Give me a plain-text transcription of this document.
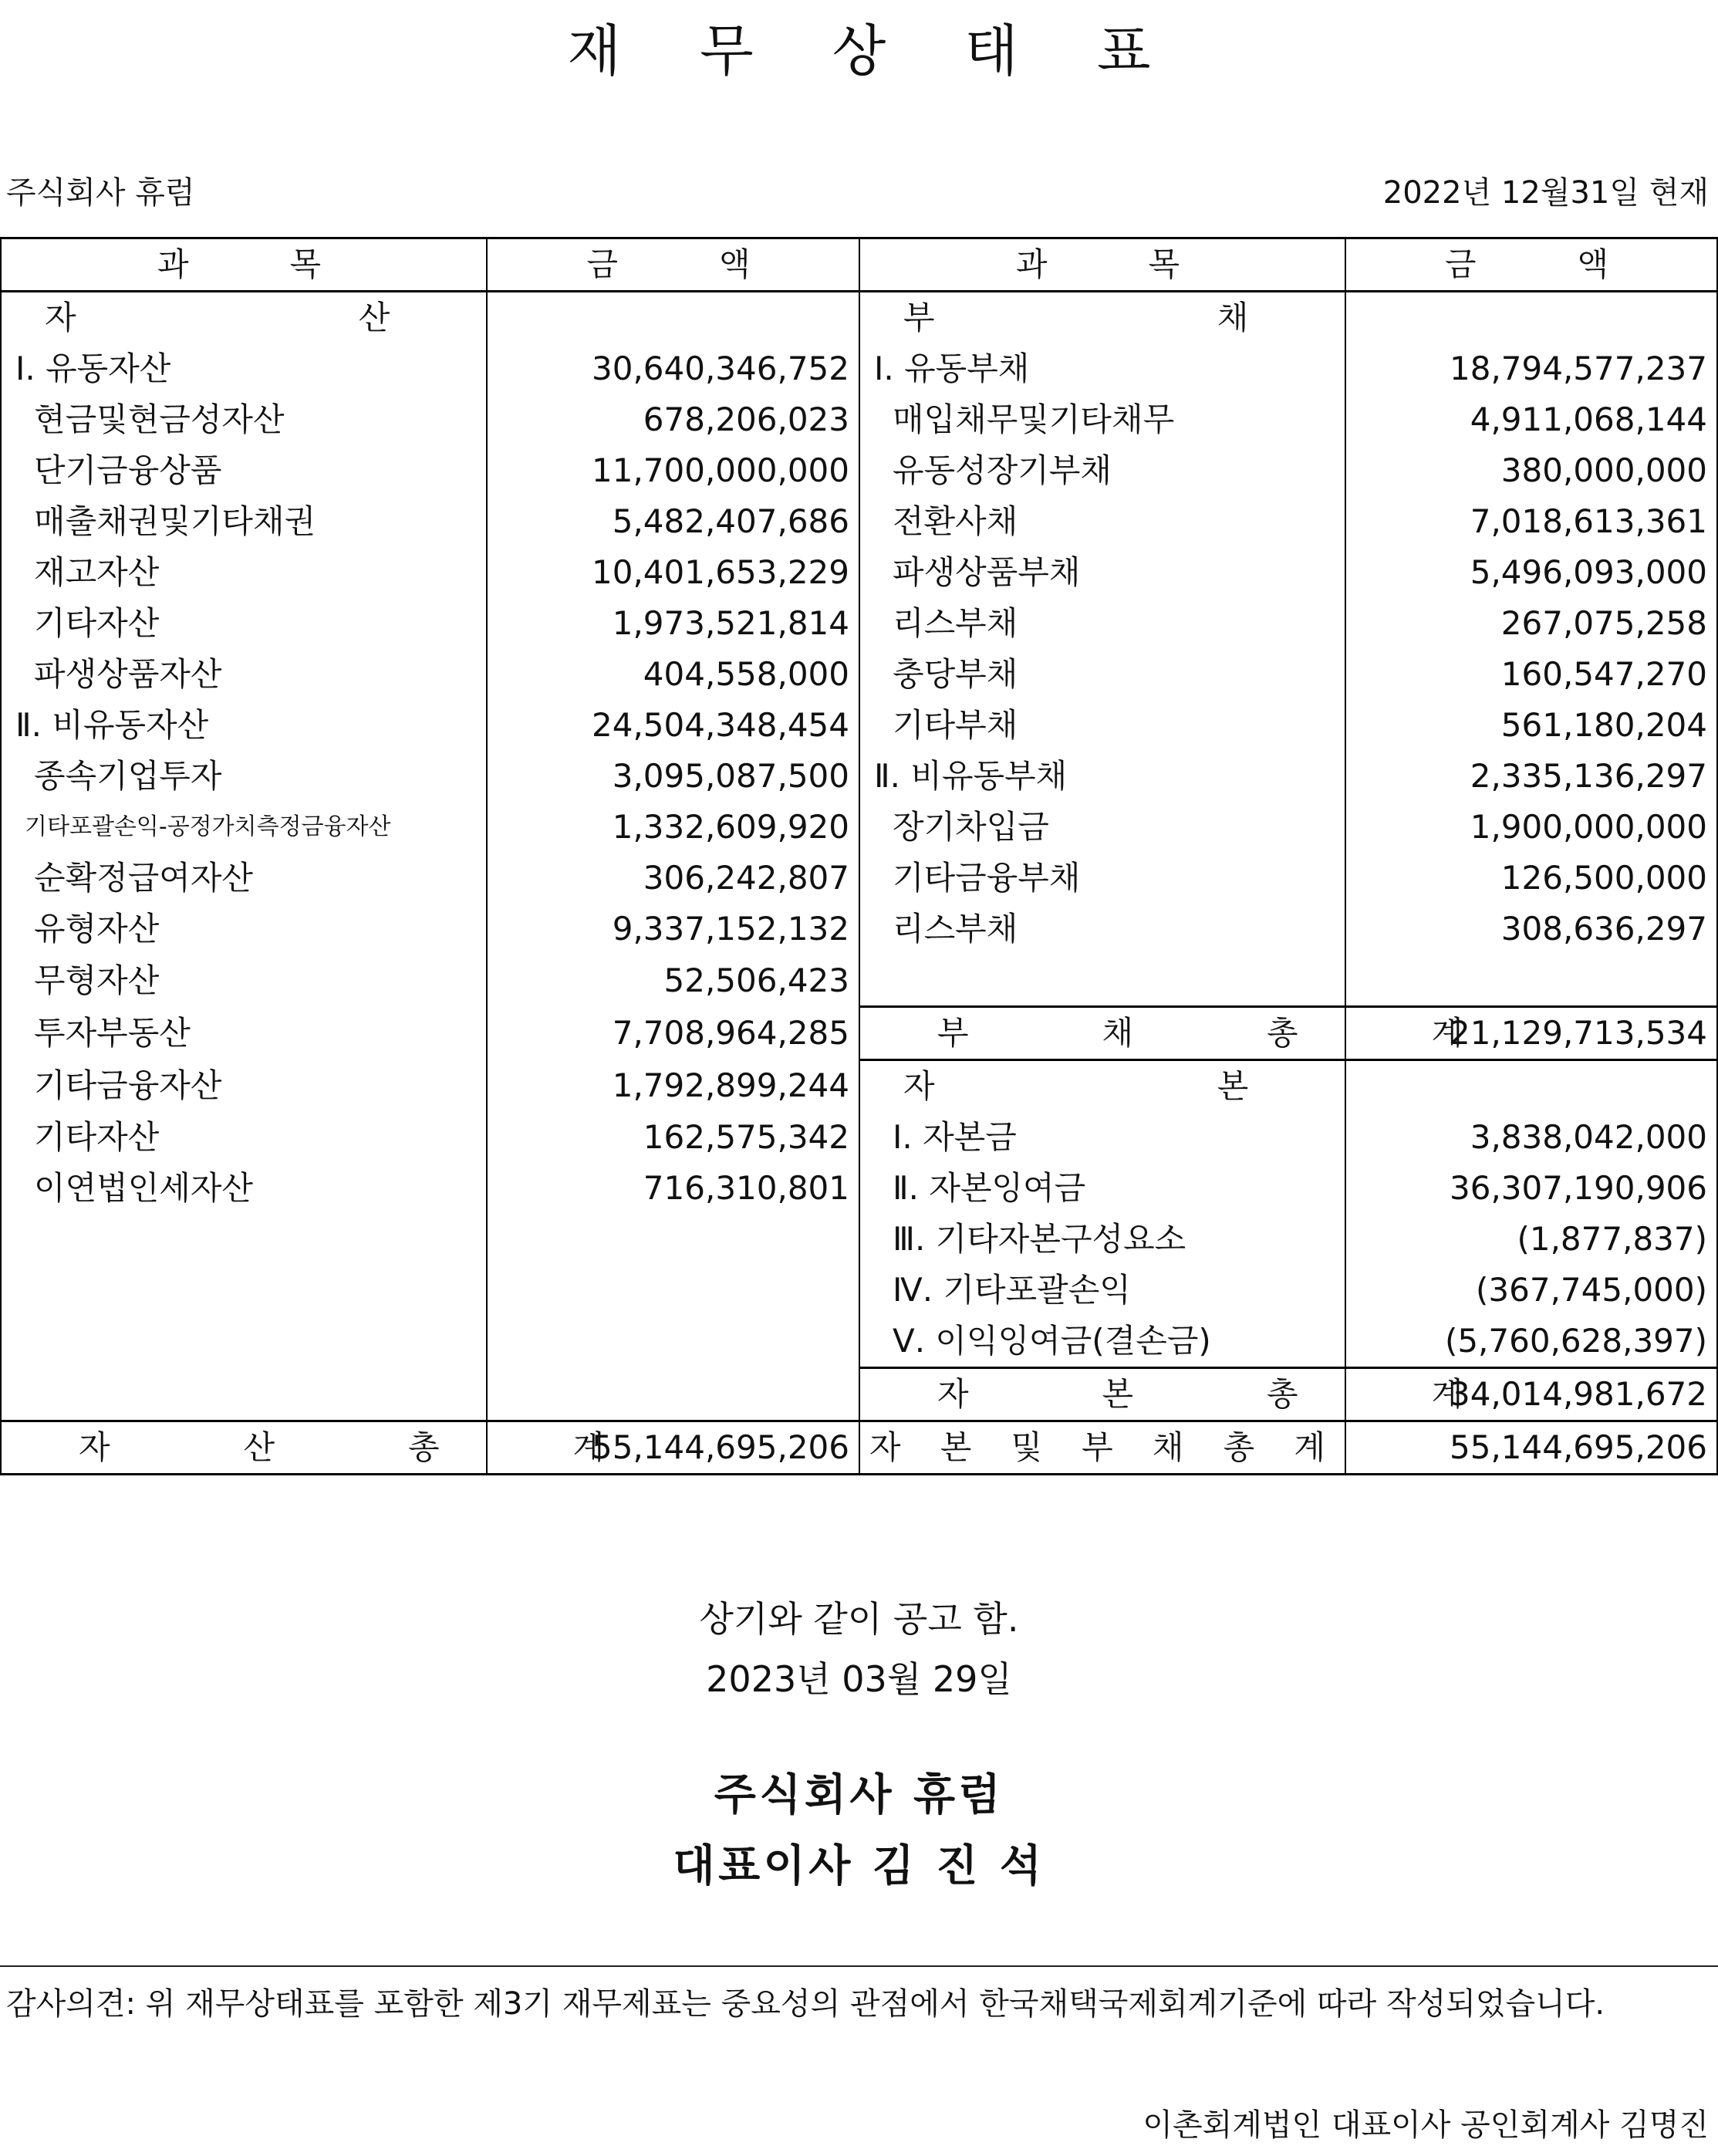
재 무 상 태 표
주식회사 휴럼	2022년 12월31일 현재
과 목	금 액	과 목	금 액
자 산		부 채	
Ⅰ. 유동자산	30,640,346,752	Ⅰ. 유동부채	18,794,577,237
현금및현금성자산	678,206,023	매입채무및기타채무	4,911,068,144
단기금융상품	11,700,000,000	유동성장기부채	380,000,000
매출채권및기타채권	5,482,407,686	전환사채	7,018,613,361
재고자산	10,401,653,229	파생상품부채	5,496,093,000
기타자산	1,973,521,814	리스부채	267,075,258
파생상품자산	404,558,000	충당부채	160,547,270
Ⅱ. 비유동자산	24,504,348,454	기타부채	561,180,204
종속기업투자	3,095,087,500	Ⅱ. 비유동부채	2,335,136,297
기타포괄손익-공정가치측정금융자산	1,332,609,920	장기차입금	1,900,000,000
순확정급여자산	306,242,807	기타금융부채	126,500,000
유형자산	9,337,152,132	리스부채	308,636,297
무형자산	52,506,423		
투자부동산	7,708,964,285	부 채 총 계	21,129,713,534
기타금융자산	1,792,899,244	자 본	
기타자산	162,575,342	Ⅰ. 자본금	3,838,042,000
이연법인세자산	716,310,801	Ⅱ. 자본잉여금	36,307,190,906
		Ⅲ. 기타자본구성요소	(1,877,837)
		Ⅳ. 기타포괄손익	(367,745,000)
		Ⅴ. 이익잉여금(결손금)	(5,760,628,397)
		자 본 총 계	34,014,981,672
자 산 총 계	55,144,695,206	자 본 및 부 채 총 계	55,144,695,206
상기와 같이 공고 함.
2023년 03월 29일
주식회사 휴럼
대표이사 김 진 석
감사의견: 위 재무상태표를 포함한 제3기 재무제표는 중요성의 관점에서 한국채택국제회계기준에 따라 작성되었습니다.
이촌회계법인 대표이사 공인회계사 김명진
